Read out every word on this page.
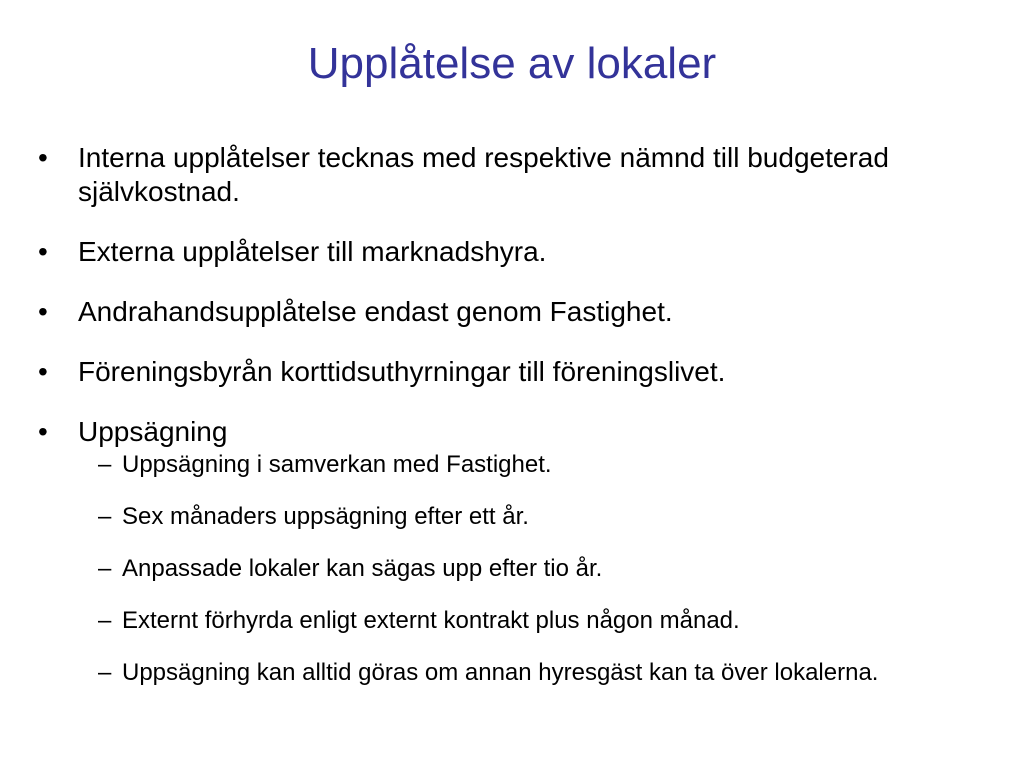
Upplåtelse av lokaler
•	Interna upplåtelser tecknas med respektive nämnd till budgeterad självkostnad.
•	Externa upplåtelser till marknadshyra.
•	Andrahandsupplåtelse endast genom Fastighet.
•	Föreningsbyrån korttidsuthyrningar till föreningslivet.
•	Uppsägning
– Uppsägning i samverkan med Fastighet.
– Sex månaders uppsägning efter ett år.
– Anpassade lokaler kan sägas upp efter tio år.
– Externt förhyrda enligt externt kontrakt plus någon månad.
– Uppsägning kan alltid göras om annan hyresgäst kan ta över lokalerna.
